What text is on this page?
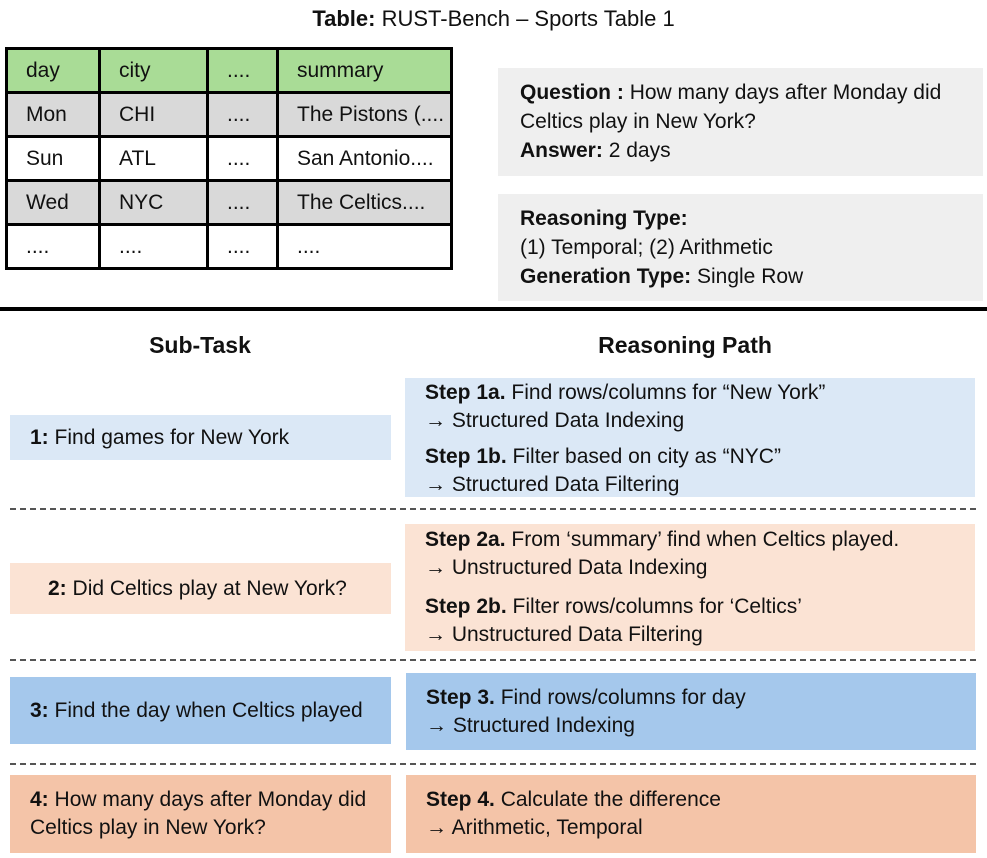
Table: RUST-Bench – Sports Table 1
day	city	....	summary
Mon	CHI	....	The Pistons (....
Sun	ATL	....	San Antonio....
Wed	NYC	....	The Celtics....
....	....	....	....
Question : How many days after Monday did Celtics play in New York?
Answer: 2 days
Reasoning Type:
(1) Temporal; (2) Arithmetic
Generation Type: Single Row
Sub-Task	Reasoning Path
1: Find games for New York
Step 1a. Find rows/columns for “New York”
→ Structured Data Indexing
Step 1b. Filter based on city as “NYC”
→ Structured Data Filtering
2: Did Celtics play at New York?
Step 2a. From ‘summary’ find when Celtics played.
→ Unstructured Data Indexing
Step 2b. Filter rows/columns for ‘Celtics’
→ Unstructured Data Filtering
3: Find the day when Celtics played
Step 3. Find rows/columns for day
→ Structured Indexing
4: How many days after Monday did Celtics play in New York?
Step 4. Calculate the difference
→ Arithmetic, Temporal
